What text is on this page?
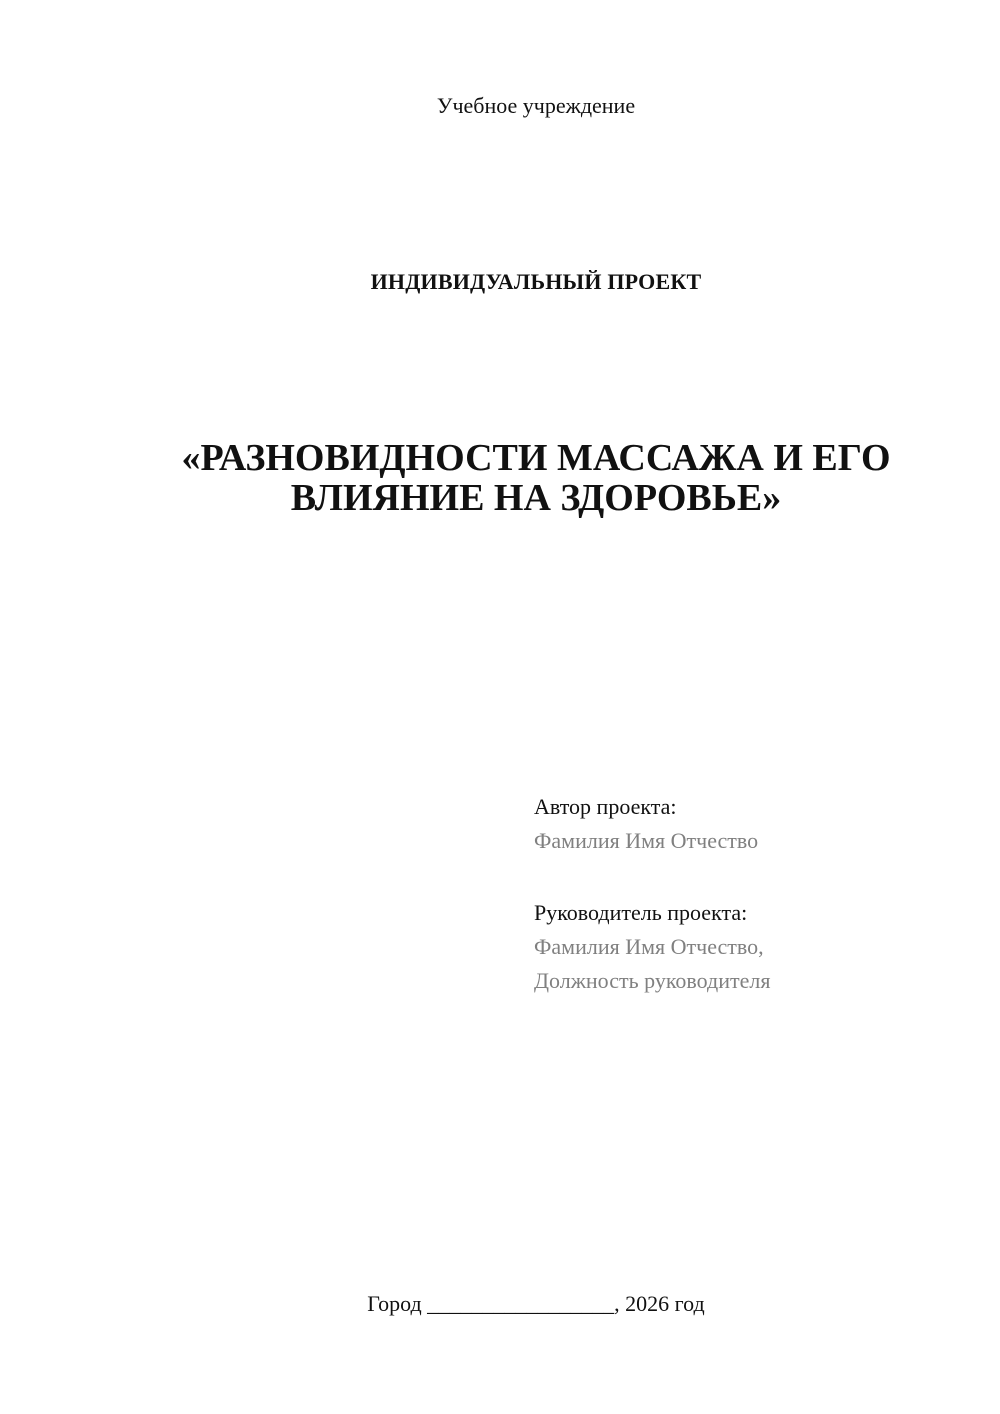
Учебное учреждение
ИНДИВИДУАЛЬНЫЙ ПРОЕКТ
«РАЗНОВИДНОСТИ МАССАЖА И ЕГО
ВЛИЯНИЕ НА ЗДОРОВЬЕ»
Автор проекта:
Фамилия Имя Отчество
Руководитель проекта:
Фамилия Имя Отчество,
Должность руководителя
Город _________________, 2026 год
